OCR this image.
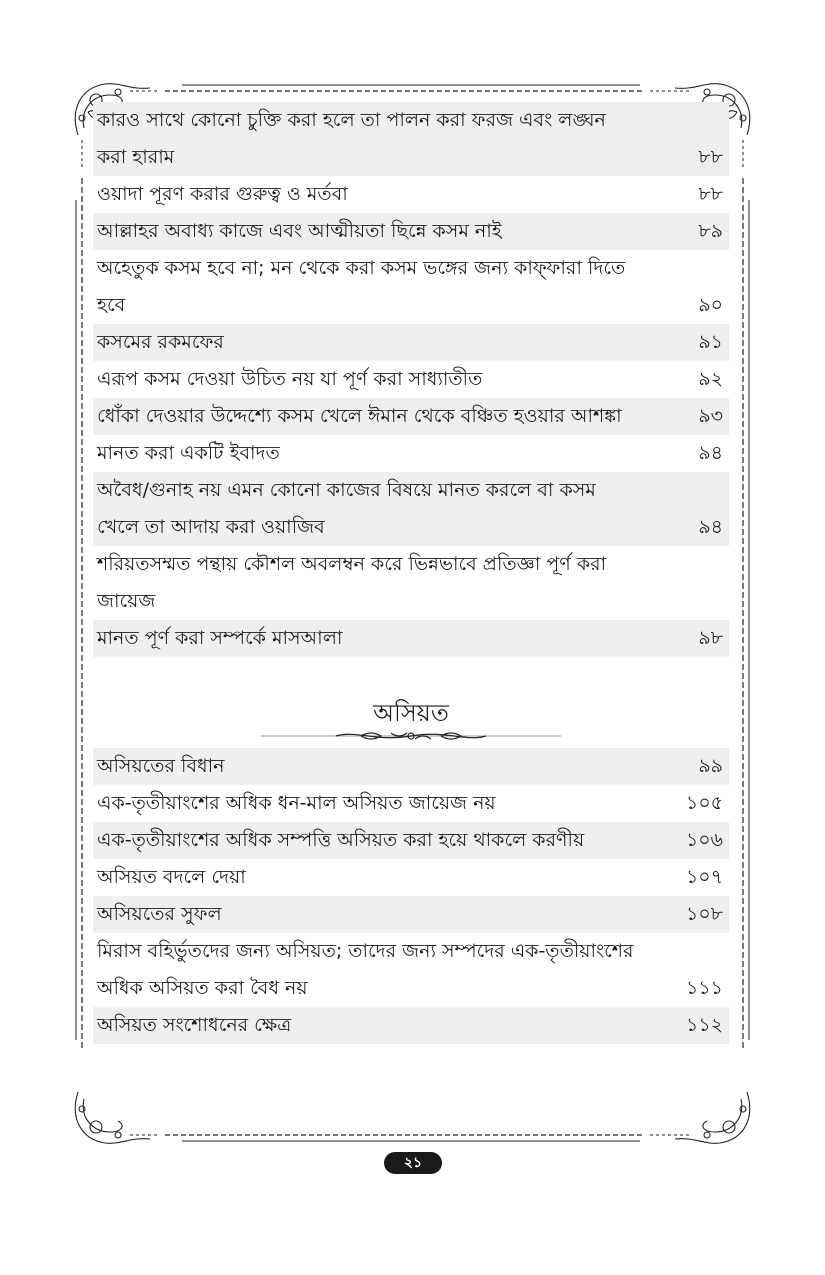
কারও সাথে কোনো চুক্তি করা হলে তা পালন করা ফরজ এবং লঙ্ঘন করা হারাম	৮৮
ওয়াদা পূরণ করার গুরুত্ব ও মর্তবা	৮৮
আল্লাহর অবাধ্য কাজে এবং আত্মীয়তা ছিন্নে কসম নাই	৮৯
অহেতুক কসম হবে না; মন থেকে করা কসম ভঙ্গের জন্য কাফ্‌ফারা দিতে হবে	৯০
কসমের রকমফের	৯১
এরূপ কসম দেওয়া উচিত নয় যা পূর্ণ করা সাধ্যাতীত	৯২
ধোঁকা দেওয়ার উদ্দেশ্যে কসম খেলে ঈমান থেকে বঞ্চিত হওয়ার আশঙ্কা	৯৩
মানত করা একটি ইবাদত	৯৪
অবৈধ/গুনাহ নয় এমন কোনো কাজের বিষয়ে মানত করলে বা কসম খেলে তা আদায় করা ওয়াজিব	৯৪
শরিয়তসম্মত পন্থায় কৌশল অবলম্বন করে ভিন্নভাবে প্রতিজ্ঞা পূর্ণ করা জায়েজ
মানত পূর্ণ করা সম্পর্কে মাসআলা	৯৮
অসিয়ত
অসিয়তের বিধান	৯৯
এক-তৃতীয়াংশের অধিক ধন-মাল অসিয়ত জায়েজ নয়	১০৫
এক-তৃতীয়াংশের অধিক সম্পত্তি অসিয়ত করা হয়ে থাকলে করণীয়	১০৬
অসিয়ত বদলে দেয়া	১০৭
অসিয়তের সুফল	১০৮
মিরাস বহির্ভুতদের জন্য অসিয়ত; তাদের জন্য সম্পদের এক-তৃতীয়াংশের অধিক অসিয়ত করা বৈধ নয়	১১১
অসিয়ত সংশোধনের ক্ষেত্র	১১২
২১
